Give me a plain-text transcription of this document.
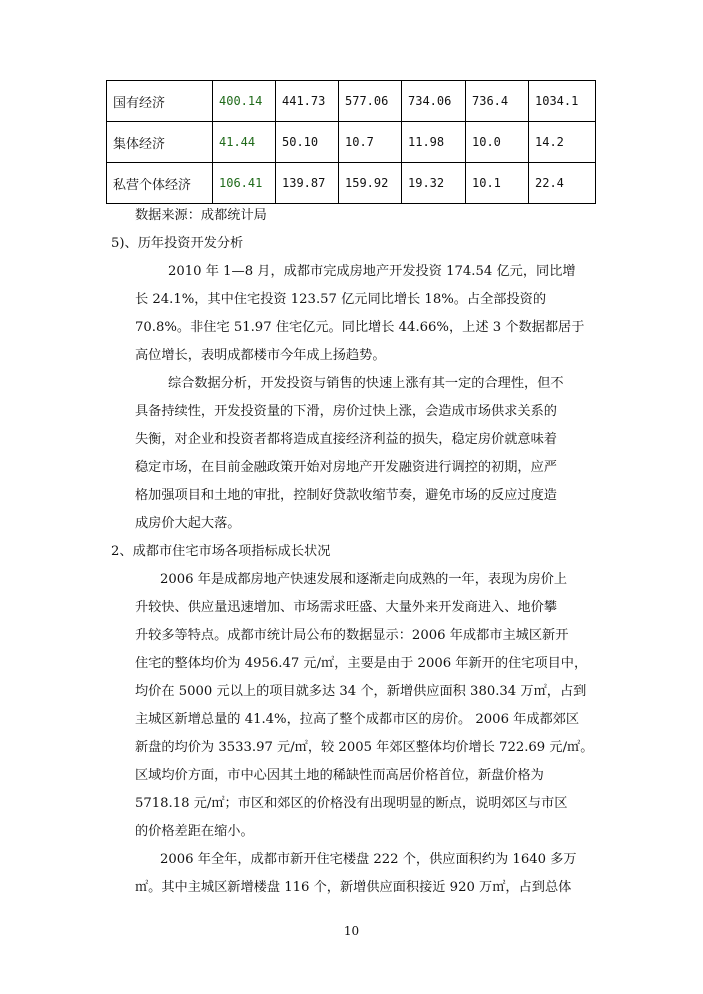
国有经济	400.14	441.73	577.06	734.06	736.4	1034.1
集体经济	41.44	50.10	10.7	11.98	10.0	14.2
私营个体经济	106.41	139.87	159.92	19.32	10.1	22.4
数据来源：成都统计局
5)、历年投资开发分析
2010 年 1—8 月，成都市完成房地产开发投资 174.54 亿元，同比增
长 24.1%，其中住宅投资 123.57 亿元同比增长 18%。占全部投资的
70.8%。非住宅 51.97 住宅亿元。同比增长 44.66%，上述 3 个数据都居于
高位增长，表明成都楼市今年成上扬趋势。
综合数据分析，开发投资与销售的快速上涨有其一定的合理性，但不
具备持续性，开发投资量的下滑，房价过快上涨，会造成市场供求关系的
失衡，对企业和投资者都将造成直接经济利益的损失，稳定房价就意味着
稳定市场，在目前金融政策开始对房地产开发融资进行调控的初期，应严
格加强项目和土地的审批，控制好贷款收缩节奏，避免市场的反应过度造
成房价大起大落。
2、成都市住宅市场各项指标成长状况
2006 年是成都房地产快速发展和逐渐走向成熟的一年，表现为房价上
升较快、供应量迅速增加、市场需求旺盛、大量外来开发商进入、地价攀
升较多等特点。成都市统计局公布的数据显示：2006 年成都市主城区新开
住宅的整体均价为 4956.47 元/㎡，主要是由于 2006 年新开的住宅项目中，
均价在 5000 元以上的项目就多达 34 个，新增供应面积 380.34 万㎡，占到
主城区新增总量的 41.4%，拉高了整个成都市区的房价。 2006 年成都郊区
新盘的均价为 3533.97 元/㎡，较 2005 年郊区整体均价增长 722.69 元/㎡。
区域均价方面，市中心因其土地的稀缺性而高居价格首位，新盘价格为
5718.18 元/㎡；市区和郊区的价格没有出现明显的断点，说明郊区与市区
的价格差距在缩小。
2006 年全年，成都市新开住宅楼盘 222 个，供应面积约为 1640 多万
㎡。其中主城区新增楼盘 116 个，新增供应面积接近 920 万㎡，占到总体
10
